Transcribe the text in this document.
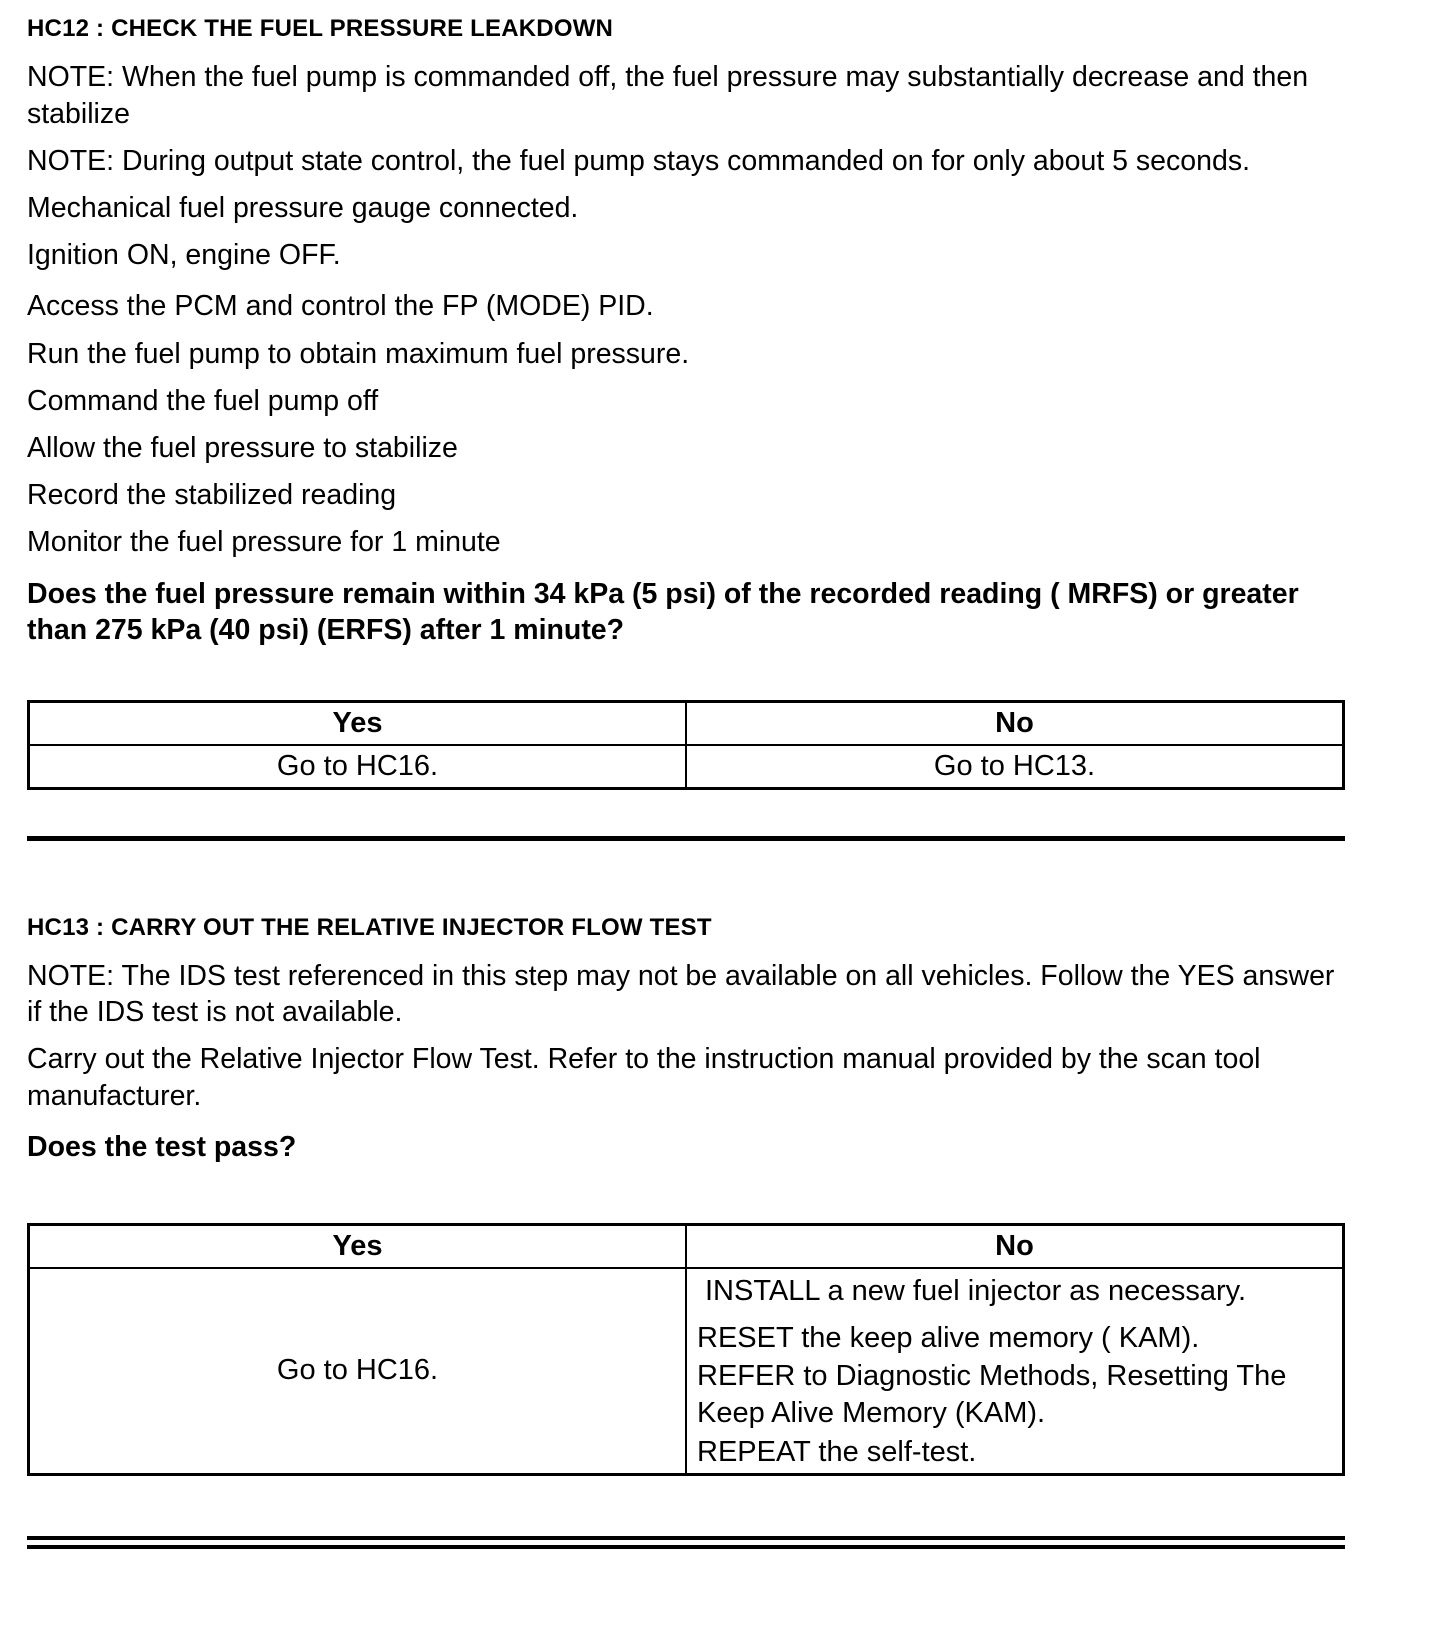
HC12 : CHECK THE FUEL PRESSURE LEAKDOWN

NOTE: When the fuel pump is commanded off, the fuel pressure may substantially decrease and then stabilize

NOTE: During output state control, the fuel pump stays commanded on for only about 5 seconds.

Mechanical fuel pressure gauge connected.

Ignition ON, engine OFF.

Access the PCM and control the FP (MODE) PID.

Run the fuel pump to obtain maximum fuel pressure.

Command the fuel pump off

Allow the fuel pressure to stabilize

Record the stabilized reading

Monitor the fuel pressure for 1 minute

Does the fuel pressure remain within 34 kPa (5 psi) of the recorded reading ( MRFS) or greater than 275 kPa (40 psi) (ERFS) after 1 minute?

Yes	No
Go to HC16.	Go to HC13.
HC13 : CARRY OUT THE RELATIVE INJECTOR FLOW TEST

NOTE: The IDS test referenced in this step may not be available on all vehicles. Follow the YES answer if the IDS test is not available.

Carry out the Relative Injector Flow Test. Refer to the instruction manual provided by the scan tool manufacturer.

Does the test pass?

Yes	No
Go to HC16.	INSTALL a new fuel injector as necessary.

RESET the keep alive memory ( KAM).

REFER to Diagnostic Methods, Resetting The Keep Alive Memory (KAM).

REPEAT the self-test.
